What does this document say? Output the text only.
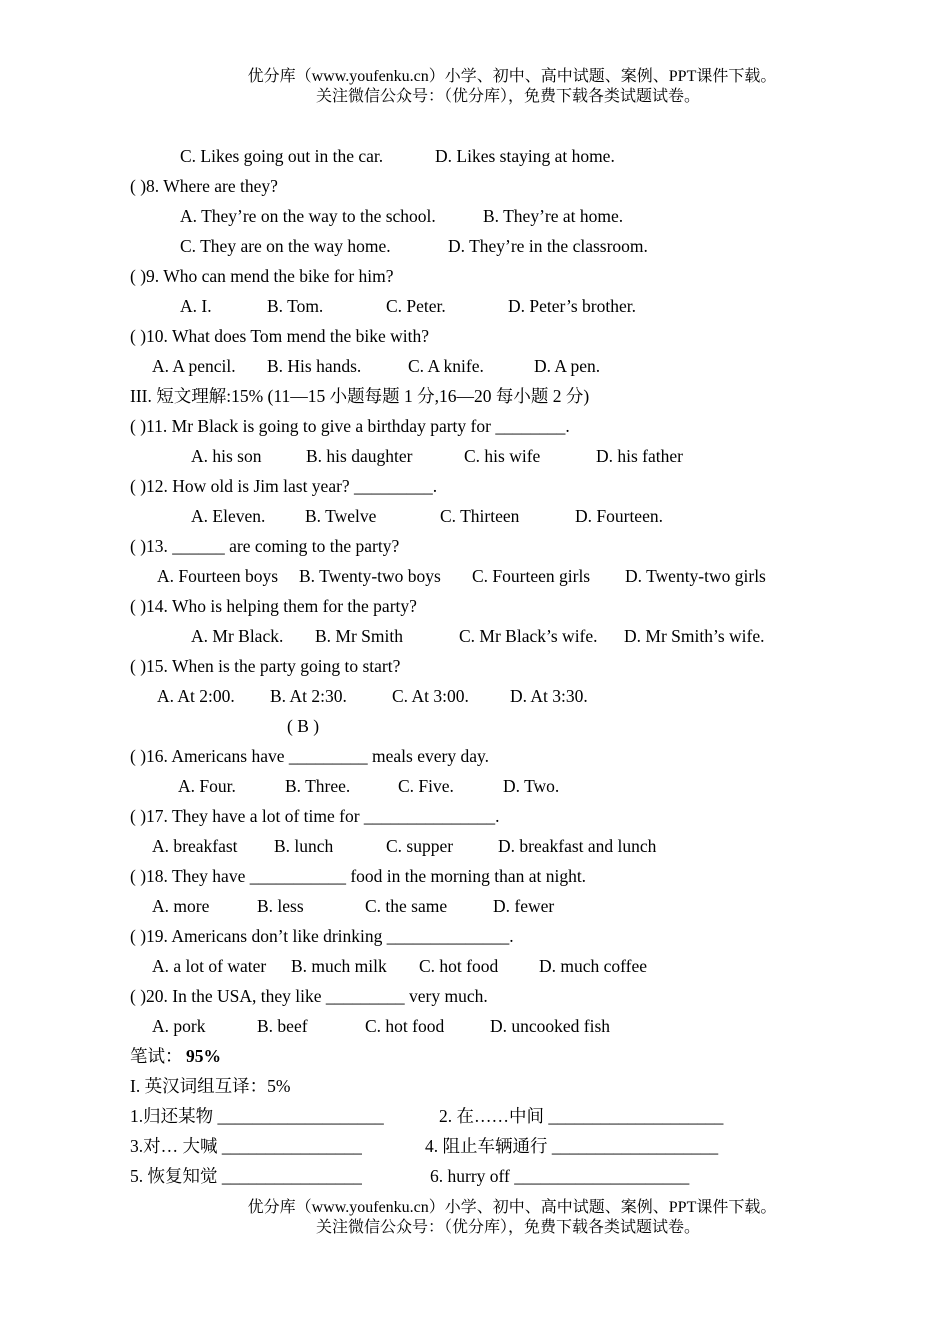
优分库（www.youfenku.cn）小学、初中、高中试题、案例、PPT课件下载。
关注微信公众号：（优分库），免费下载各类试题试卷。
C. Likes going out in the car.	D. Likes staying at home.
( )8. Where are they?
A. They’re on the way to the school.	B. They’re at home.
C. They are on the way home.	D. They’re in the classroom.
( )9. Who can mend the bike for him?
A. I.	B. Tom.	C. Peter.	D. Peter’s brother.
( )10. What does Tom mend the bike with?
A. A pencil. B. His hands.	C. A knife.	D. A pen.
III. 短文理解:15% (11—15 小题每题 1 分,16—20 每小题 2 分)
( )11. Mr Black is going to give a birthday party for ________.
A. his son	B. his daughter	C. his wife	D. his father
( )12. How old is Jim last year? _________.
A. Eleven. B. Twelve	C. Thirteen	D. Fourteen.
( )13. ______ are coming to the party?
A. Fourteen boys B. Twenty-two boys C. Fourteen girls D. Twenty-two girls
( )14. Who is helping them for the party?
A. Mr Black. B. Mr Smith	C. Mr Black’s wife. D. Mr Smith’s wife.
( )15. When is the party going to start?
A. At 2:00. B. At 2:30.	C. At 3:00. D. At 3:30.
( B )
( )16. Americans have _________ meals every day.
A. Four.	B. Three.	C. Five.	D. Two.
( )17. They have a lot of time for _______________.
A. breakfast B. lunch	C. supper	D. breakfast and lunch
( )18. They have ___________ food in the morning than at night.
A. more	B. less	C. the same	D. fewer
( )19. Americans don’t like drinking ______________.
A. a lot of water B. much milk C. hot food D. much coffee
( )20. In the USA, they like _________ very much.
A. pork	B. beef	C. hot food	D. uncooked fish
笔试： 95%
I. 英汉词组互译：5%
1.归还某物 ___________________	2. 在……中间 ____________________
3.对… 大喊 ________________	4. 阻止车辆通行 ___________________
5. 恢复知觉 ________________	6. hurry off ____________________
优分库（www.youfenku.cn）小学、初中、高中试题、案例、PPT课件下载。
关注微信公众号：（优分库），免费下载各类试题试卷。
